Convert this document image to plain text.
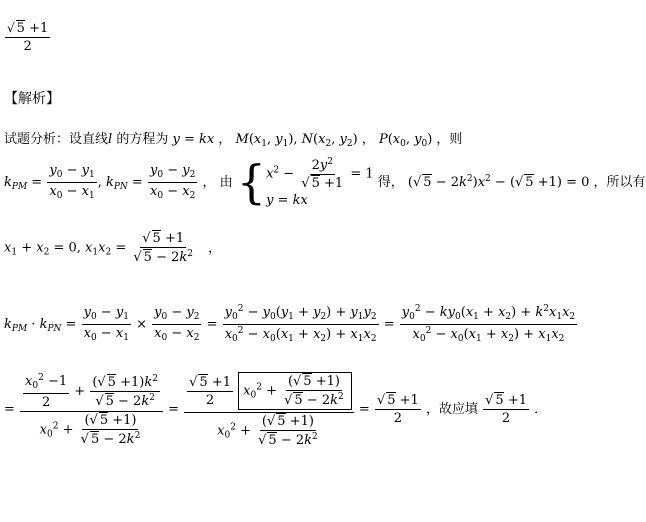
$\frac{√ 5 +1}{2}$
【解析】
试题分析：设直线l 的方程为 y = kx ， $M(x_1$, $y_1$), $N(x_2$, $y_2$) ， $P(x_0$, $y_0$) ，则
$k_{PM} = \frac{y_0 - y_1}{x_0 - x_1}$ , $k_{PN} = \frac{y_0 - y_2}{x_0 - x_2}$ ， 由 { $x^2 - \frac{2y^2}{√ 5 +1} = 1$
y = kx
得， (√ $5 - 2k^2)x^2$ − (√ 5 +1) = 0 ，所以有
$x_1 + x_2 = 0$, $x_1x_2 = \frac{√ 5 +1}{√ 5 - 2k^2}$ ，
$k_{PM} \cdot k_{PN} = \frac{y_0 - y_1}{x_0 - x_1} \times \frac{y_0 - y_2}{x_0 - x_2} = \frac{y_0^2 - y_0(y_1 + y_2) + y_1y_2}{x_0^2 - x_0(x_1 + x_2) + x_1x_2} = \frac{y_0^2 - ky_0(x_1 + x_2) + k^2x_1x_2}{x_0^2 - x_0(x_1 + x_2) + x_1x_2}$
= $\frac{\frac{x_0^2 -1}{2} + \frac{(√ 5 +1)k^2}{√ 5 - 2k^2}}{x_0^2 + \frac{(√ 5 +1)}{√ 5 - 2k^2}} = \frac{\frac{√ 5 +1}{2} x_0^2 + \frac{(√ 5 +1)}{√ 5 - 2k^2}}{x_0^2 + \frac{(√ 5 +1)}{√ 5 - 2k^2}} = \frac{√ 5 +1}{2}$ ，故应填 $\frac{√ 5 +1}{2}$ ．
